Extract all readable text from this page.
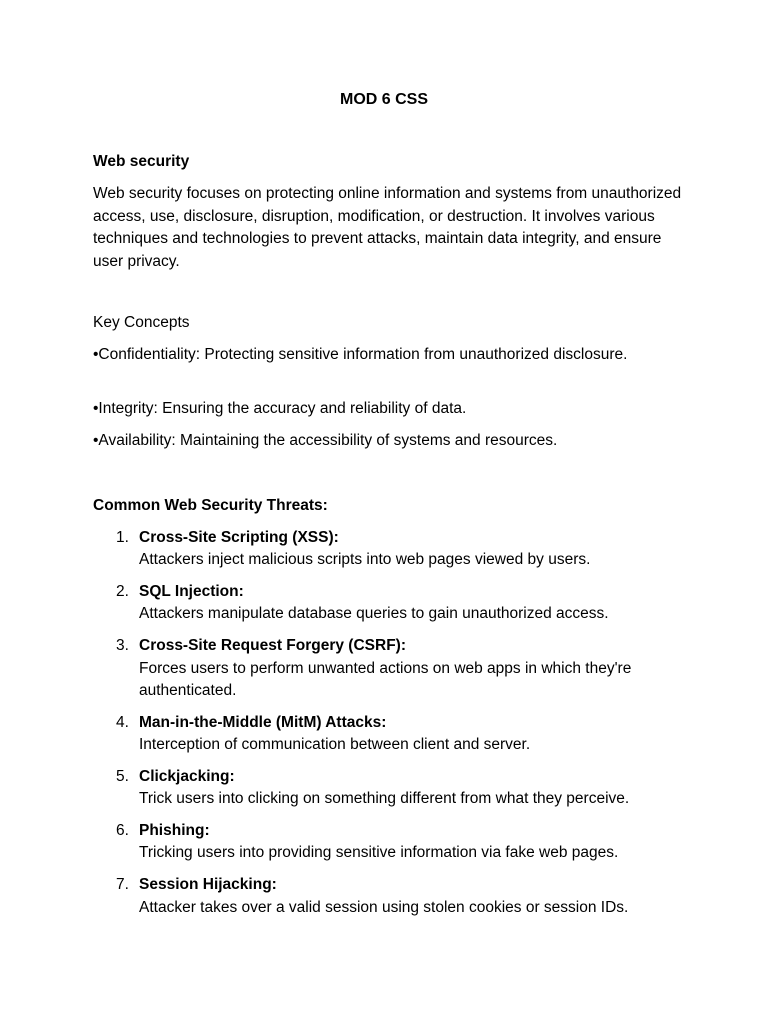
MOD 6 CSS
Web security
Web security focuses on protecting online information and systems from unauthorized access, use, disclosure, disruption, modification, or destruction. It involves various techniques and technologies to prevent attacks, maintain data integrity, and ensure user privacy.
Key Concepts
•Confidentiality: Protecting sensitive information from unauthorized disclosure.
•Integrity: Ensuring the accuracy and reliability of data.
•Availability: Maintaining the accessibility of systems and resources.
Common Web Security Threats:
1. Cross-Site Scripting (XSS):
Attackers inject malicious scripts into web pages viewed by users.
2. SQL Injection:
Attackers manipulate database queries to gain unauthorized access.
3. Cross-Site Request Forgery (CSRF):
Forces users to perform unwanted actions on web apps in which they're authenticated.
4. Man-in-the-Middle (MitM) Attacks:
Interception of communication between client and server.
5. Clickjacking:
Trick users into clicking on something different from what they perceive.
6. Phishing:
Tricking users into providing sensitive information via fake web pages.
7. Session Hijacking:
Attacker takes over a valid session using stolen cookies or session IDs.
